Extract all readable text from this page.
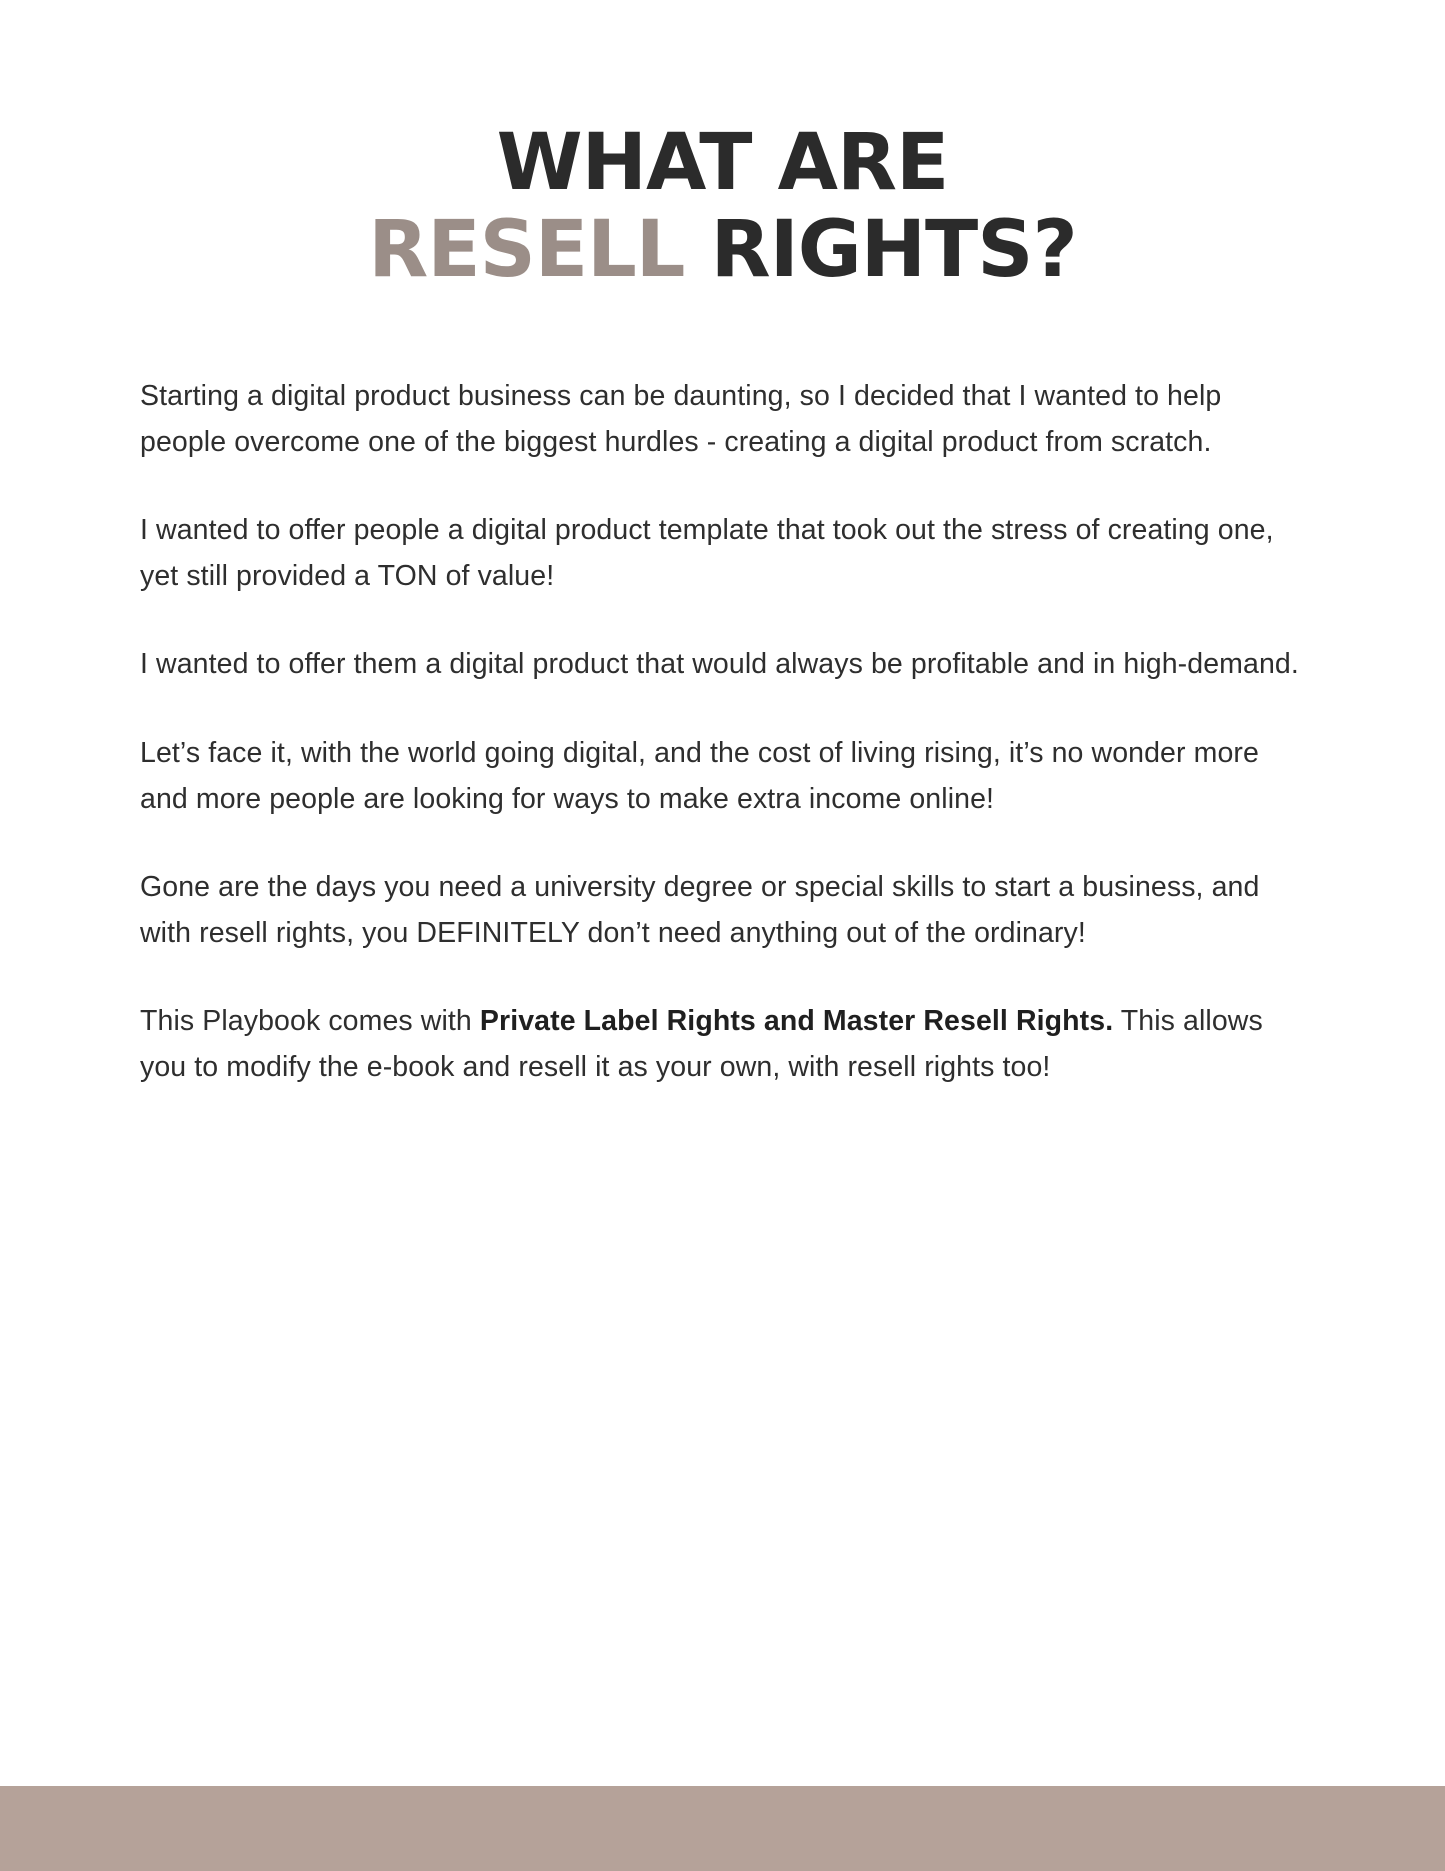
WHAT ARE
RESELL RIGHTS?

Starting a digital product business can be daunting, so I decided that I wanted to help people overcome one of the biggest hurdles - creating a digital product from scratch.

I wanted to offer people a digital product template that took out the stress of creating one, yet still provided a TON of value!

I wanted to offer them a digital product that would always be profitable and in high-demand.

Let’s face it, with the world going digital, and the cost of living rising, it’s no wonder more and more people are looking for ways to make extra income online!

Gone are the days you need a university degree or special skills to start a business, and with resell rights, you DEFINITELY don’t need anything out of the ordinary!

This Playbook comes with Private Label Rights and Master Resell Rights. This allows you to modify the e-book and resell it as your own, with resell rights too!
